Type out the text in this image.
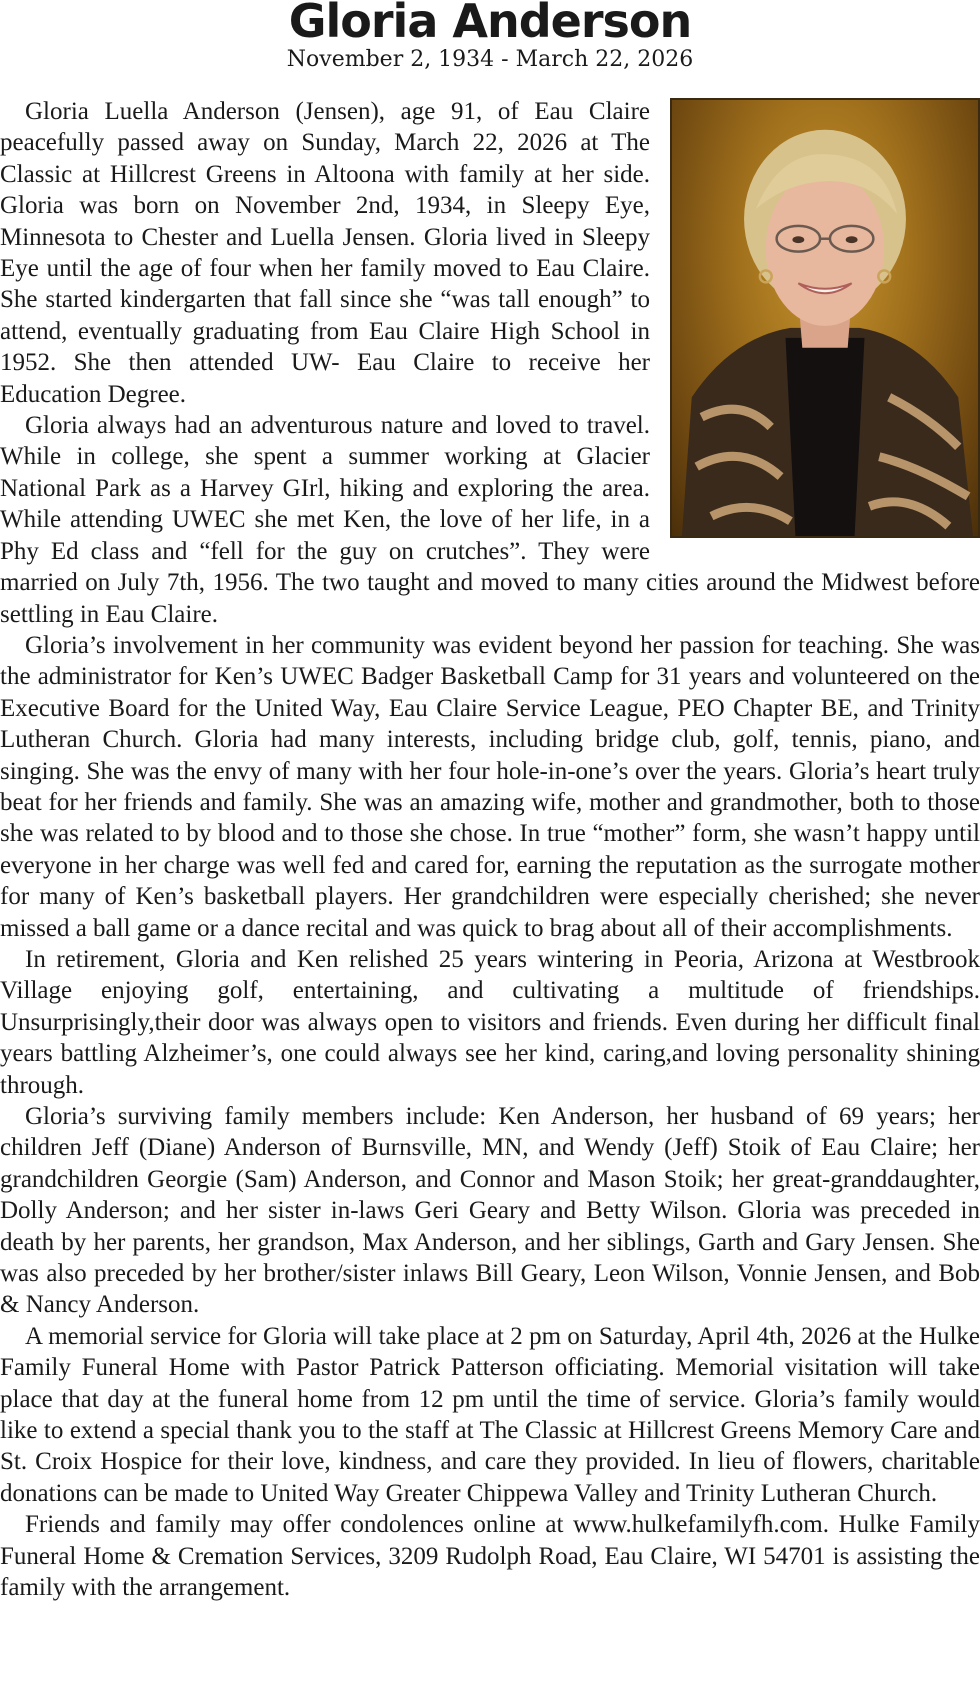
Gloria Anderson
November 2, 1934 - March 22, 2026

Gloria Luella Anderson (Jensen), age 91, of Eau Claire peacefully passed away on Sunday, March 22, 2026 at The Classic at Hillcrest Greens in Altoona with family at her side. Gloria was born on November 2nd, 1934, in Sleepy Eye, Minnesota to Chester and Luella Jensen. Gloria lived in Sleepy Eye until the age of four when her family moved to Eau Claire. She started kindergarten that fall since she “was tall enough” to attend, eventually graduating from Eau Claire High School in 1952. She then attended UW- Eau Claire to receive her Education Degree.

Gloria always had an adventurous nature and loved to travel. While in college, she spent a summer working at Glacier National Park as a Harvey GIrl, hiking and exploring the area. While attending UWEC she met Ken, the love of her life, in a Phy Ed class and “fell for the guy on crutches”. They were married on July 7th, 1956. The two taught and moved to many cities around the Midwest before settling in Eau Claire.

Gloria’s involvement in her community was evident beyond her passion for teaching. She was the administrator for Ken’s UWEC Badger Basketball Camp for 31 years and volunteered on the Executive Board for the United Way, Eau Claire Service League, PEO Chapter BE, and Trinity Lutheran Church. Gloria had many interests, including bridge club, golf, tennis, piano, and singing. She was the envy of many with her four hole-in-one’s over the years. Gloria’s heart truly beat for her friends and family. She was an amazing wife, mother and grandmother, both to those she was related to by blood and to those she chose. In true “mother” form, she wasn’t happy until everyone in her charge was well fed and cared for, earning the reputation as the surrogate mother for many of Ken’s basketball players. Her grandchildren were especially cherished; she never missed a ball game or a dance recital and was quick to brag about all of their accomplishments.

In retirement, Gloria and Ken relished 25 years wintering in Peoria, Arizona at Westbrook Village enjoying golf, entertaining, and cultivating a multitude of friendships. Unsurprisingly,their door was always open to visitors and friends. Even during her difficult final years battling Alzheimer’s, one could always see her kind, caring,and loving personality shining through.

Gloria’s surviving family members include: Ken Anderson, her husband of 69 years; her children Jeff (Diane) Anderson of Burnsville, MN, and Wendy (Jeff) Stoik of Eau Claire; her grandchildren Georgie (Sam) Anderson, and Connor and Mason Stoik; her great-granddaughter, Dolly Anderson; and her sister in-laws Geri Geary and Betty Wilson. Gloria was preceded in death by her parents, her grandson, Max Anderson, and her siblings, Garth and Gary Jensen. She was also preceded by her brother/sister inlaws Bill Geary, Leon Wilson, Vonnie Jensen, and Bob & Nancy Anderson.

A memorial service for Gloria will take place at 2 pm on Saturday, April 4th, 2026 at the Hulke Family Funeral Home with Pastor Patrick Patterson officiating. Memorial visitation will take place that day at the funeral home from 12 pm until the time of service. Gloria’s family would like to extend a special thank you to the staff at The Classic at Hillcrest Greens Memory Care and St. Croix Hospice for their love, kindness, and care they provided. In lieu of flowers, charitable donations can be made to United Way Greater Chippewa Valley and Trinity Lutheran Church.

Friends and family may offer condolences online at www.hulkefamilyfh.com. Hulke Family Funeral Home & Cremation Services, 3209 Rudolph Road, Eau Claire, WI 54701 is assisting the family with the arrangement.
